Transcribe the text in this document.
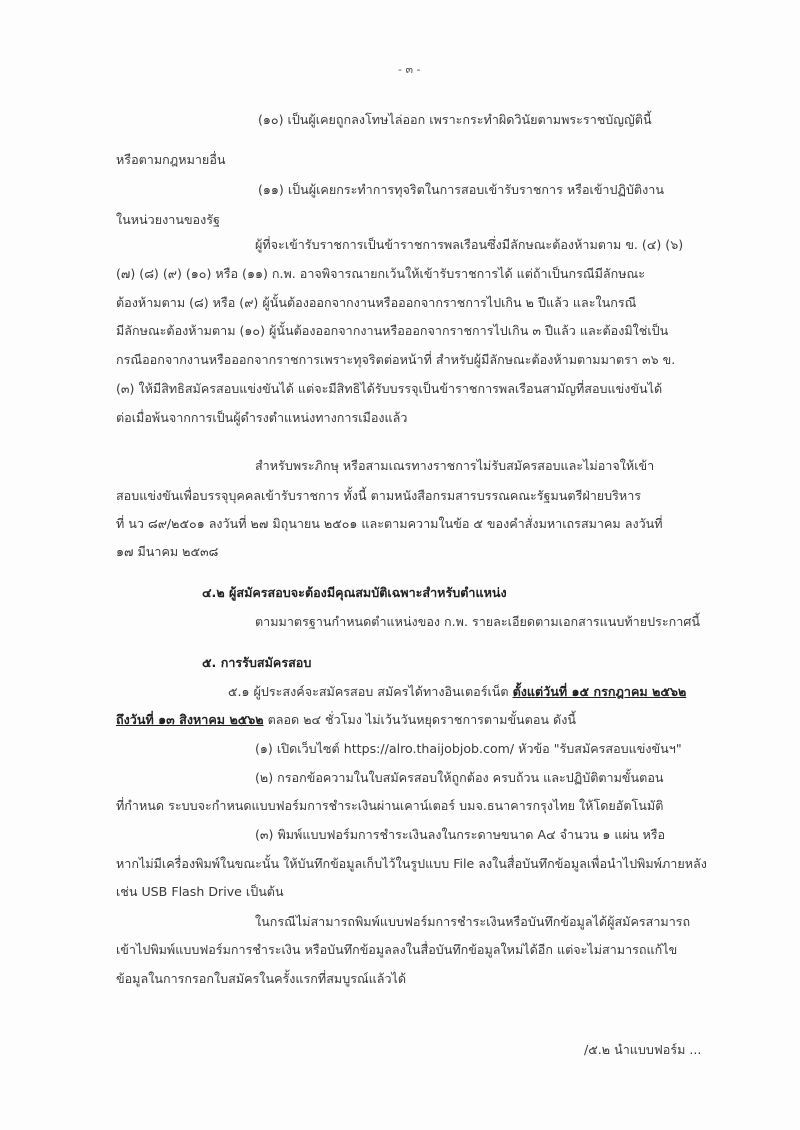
- ๓ -
(๑๐) เป็นผู้เคยถูกลงโทษไล่ออก เพราะกระทำผิดวินัยตามพระราชบัญญัตินี้
หรือตามกฎหมายอื่น
(๑๑) เป็นผู้เคยกระทำการทุจริตในการสอบเข้ารับราชการ หรือเข้าปฏิบัติงาน
ในหน่วยงานของรัฐ
ผู้ที่จะเข้ารับราชการเป็นข้าราชการพลเรือนซึ่งมีลักษณะต้องห้ามตาม ข. (๔) (๖)
(๗) (๘) (๙) (๑๐) หรือ (๑๑) ก.พ. อาจพิจารณายกเว้นให้เข้ารับราชการได้ แต่ถ้าเป็นกรณีมีลักษณะ
ต้องห้ามตาม (๘) หรือ (๙) ผู้นั้นต้องออกจากงานหรือออกจากราชการไปเกิน ๒ ปีแล้ว และในกรณี
มีลักษณะต้องห้ามตาม (๑๐) ผู้นั้นต้องออกจากงานหรือออกจากราชการไปเกิน ๓ ปีแล้ว และต้องมิใช่เป็น
กรณีออกจากงานหรือออกจากราชการเพราะทุจริตต่อหน้าที่ สำหรับผู้มีลักษณะต้องห้ามตามมาตรา ๓๖ ข.
(๓) ให้มีสิทธิสมัครสอบแข่งขันได้ แต่จะมีสิทธิได้รับบรรจุเป็นข้าราชการพลเรือนสามัญที่สอบแข่งขันได้
ต่อเมื่อพ้นจากการเป็นผู้ดำรงตำแหน่งทางการเมืองแล้ว
สำหรับพระภิกษุ หรือสามเณรทางราชการไม่รับสมัครสอบและไม่อาจให้เข้า
สอบแข่งขันเพื่อบรรจุบุคคลเข้ารับราชการ ทั้งนี้ ตามหนังสือกรมสารบรรณคณะรัฐมนตรีฝ่ายบริหาร
ที่ นว ๘๙/๒๕๐๑ ลงวันที่ ๒๗ มิถุนายน ๒๕๐๑ และตามความในข้อ ๕ ของคำสั่งมหาเถรสมาคม ลงวันที่
๑๗ มีนาคม ๒๕๓๘
๔.๒ ผู้สมัครสอบจะต้องมีคุณสมบัติเฉพาะสำหรับตำแหน่ง
ตามมาตรฐานกำหนดตำแหน่งของ ก.พ. รายละเอียดตามเอกสารแนบท้ายประกาศนี้
๕. การรับสมัครสอบ
๕.๑ ผู้ประสงค์จะสมัครสอบ สมัครได้ทางอินเตอร์เน็ต ตั้งแต่วันที่ ๑๕ กรกฎาคม ๒๕๖๒
ถึงวันที่ ๑๓ สิงหาคม ๒๕๖๒ ตลอด ๒๔ ชั่วโมง ไม่เว้นวันหยุดราชการตามขั้นตอน ดังนี้
(๑) เปิดเว็บไซต์ https://alro.thaijobjob.com/ หัวข้อ "รับสมัครสอบแข่งขันฯ"
(๒) กรอกข้อความในใบสมัครสอบให้ถูกต้อง ครบถ้วน และปฏิบัติตามขั้นตอน
ที่กำหนด ระบบจะกำหนดแบบฟอร์มการชำระเงินผ่านเคาน์เตอร์ บมจ.ธนาคารกรุงไทย ให้โดยอัตโนมัติ
(๓) พิมพ์แบบฟอร์มการชำระเงินลงในกระดาษขนาด A๔ จำนวน ๑ แผ่น หรือ
หากไม่มีเครื่องพิมพ์ในขณะนั้น ให้บันทึกข้อมูลเก็บไว้ในรูปแบบ File ลงในสื่อบันทึกข้อมูลเพื่อนำไปพิมพ์ภายหลัง
เช่น USB Flash Drive เป็นต้น
ในกรณีไม่สามารถพิมพ์แบบฟอร์มการชำระเงินหรือบันทึกข้อมูลได้ผู้สมัครสามารถ
เข้าไปพิมพ์แบบฟอร์มการชำระเงิน หรือบันทึกข้อมูลลงในสื่อบันทึกข้อมูลใหม่ได้อีก แต่จะไม่สามารถแก้ไข
ข้อมูลในการกรอกใบสมัครในครั้งแรกที่สมบูรณ์แล้วได้
/๕.๒ นำแบบฟอร์ม ...
